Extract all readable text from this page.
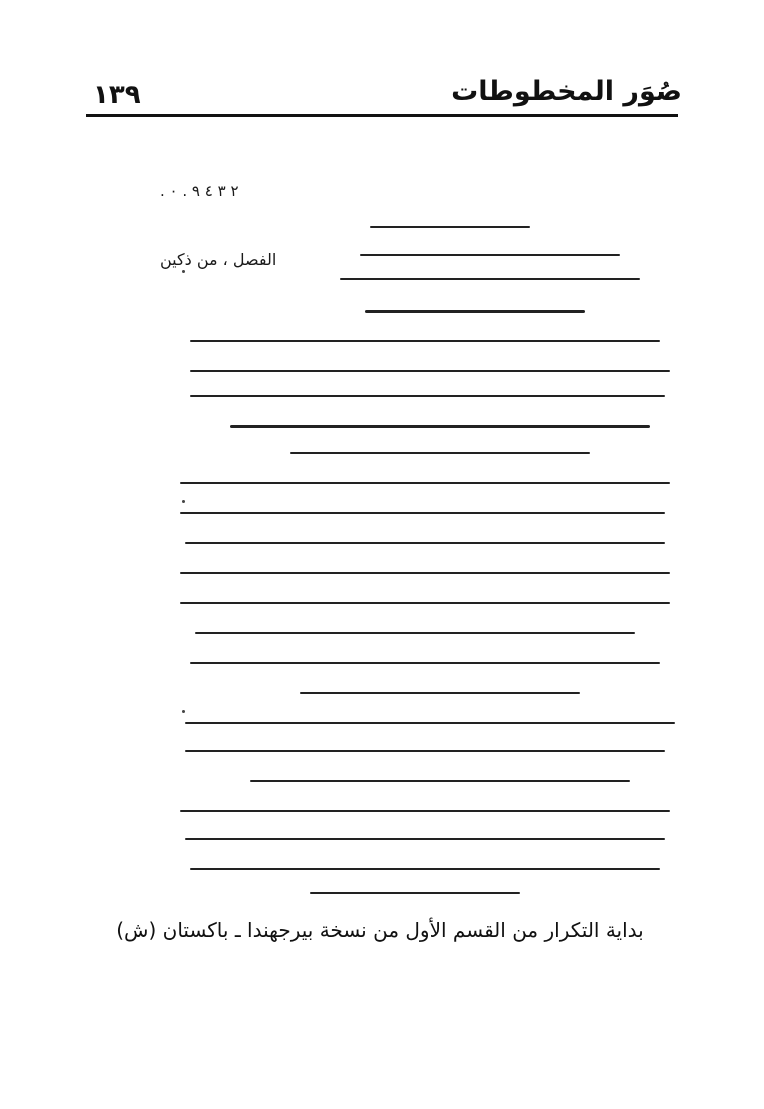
١٣٩	صُوَر المخطوطات
٢ ٣ ٤ ٩ . ٠ .
الفصل ، من ذكين
بداية التكرار من القسم الأول من نسخة بيرجهندا ـ باكستان (ش)
